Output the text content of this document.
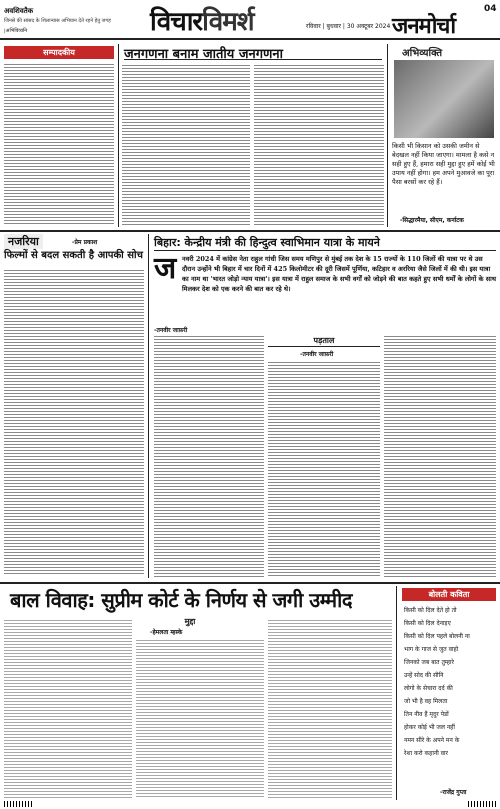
अवशिवतैक
जिनसे की सांसद के शिलान्यास अभियान देते रहने हेतु जगह
|अभिविव्यनि	विचारविमर्श	रविवार | बुधवार | 30 अक्टूबर 2024 जनमोर्चा
04
सम्पादकीय	जनगणना बनाम जातीय जनगणना	अभिव्यक्ति
किसी भी किसान को उसकी जमीन से बेदखल नहीं किया जाएगा। मामला है कसे न सही हुए हैं, हमारा सही मुद्दा हुए हमें कोई भी उपाय नहीं होगा। हम अपने मुआवजे का पूरा पैसा बरसों कर रहे हैं।
-सिद्धारमैया, सीएम, कर्नाटक
नजरिया	-प्रेम प्रकाश
फिल्मों से बदल सकती है आपकी सोच
बिहार: केन्द्रीय मंत्री की हिन्दुत्व स्वाभिमान यात्रा के मायने
ज नवरी 2024 में कांग्रेस नेता राहुल गांधी जिस समय मणिपुर से मुंबई तक देश के 15 राज्यों के 110 जिलों की यात्रा पर थे उस दौरान उन्होंने भी बिहार में चार दिनों में 425 किलोमीटर की दूरी जिसमें पूर्णिया, कटिहार व अररिया जैसे जिलों में की थी। इस यात्रा का नाम था 'भारत जोड़ो न्याय यात्रा'। इस यात्रा में राहुल समाज के सभी वर्गों को जोड़ने की बात कहते हुए सभी धर्मों के लोगों के साथ मिलकर देश को एक करने की बात कर रहे थे।
-तनवीर जाफ़री
पड़ताल
-तनवीर जाफ़री
बाल विवाह: सुप्रीम कोर्ट के निर्णय से जगी उम्मीद
मुद्दा
-हेमलता म्हस्के
बोलती कविता
किसी को दिल देते हो तो
किसी को दिल देनाइए
किसी को दिल पहले बोलनी ना
भाग के गाज से जुत वाहो
जिनको जब बात तुम्हारे
उन्हें सोद की सीनि
लोगो के सेचारा दर्द की
जो भी है वह मिलता
तिन नीव हैं मृदुर पेडों
होकर कोई भी जल नहीं
नमन सीरे के अपने मन के
रेशा करो कहानी वार
-राजेंद्र गुप्ता
